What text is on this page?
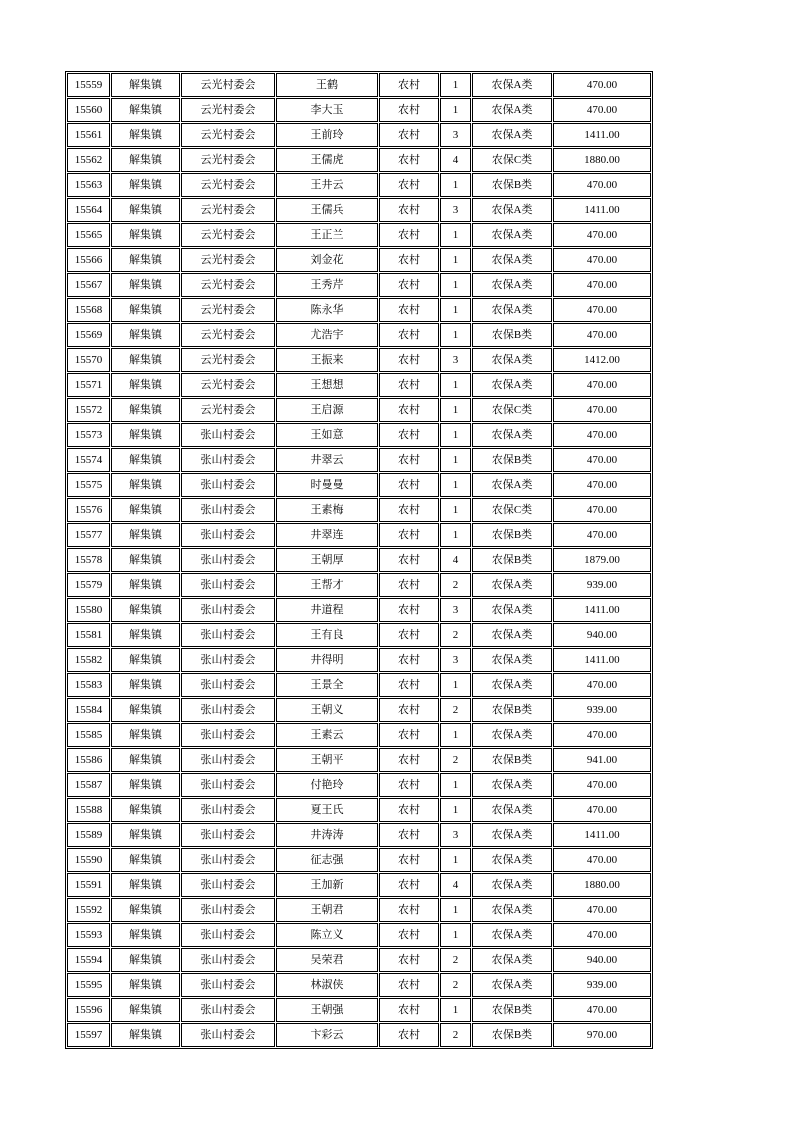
15559	解集镇	云光村委会	王鹤	农村	1	农保A类	470.00
15560	解集镇	云光村委会	李大玉	农村	1	农保A类	470.00
15561	解集镇	云光村委会	王前玲	农村	3	农保A类	1411.00
15562	解集镇	云光村委会	王儒虎	农村	4	农保C类	1880.00
15563	解集镇	云光村委会	王井云	农村	1	农保B类	470.00
15564	解集镇	云光村委会	王儒兵	农村	3	农保A类	1411.00
15565	解集镇	云光村委会	王正兰	农村	1	农保A类	470.00
15566	解集镇	云光村委会	刘金花	农村	1	农保A类	470.00
15567	解集镇	云光村委会	王秀芹	农村	1	农保A类	470.00
15568	解集镇	云光村委会	陈永华	农村	1	农保A类	470.00
15569	解集镇	云光村委会	尤浩宇	农村	1	农保B类	470.00
15570	解集镇	云光村委会	王振来	农村	3	农保A类	1412.00
15571	解集镇	云光村委会	王想想	农村	1	农保A类	470.00
15572	解集镇	云光村委会	王启源	农村	1	农保C类	470.00
15573	解集镇	张山村委会	王如意	农村	1	农保A类	470.00
15574	解集镇	张山村委会	井翠云	农村	1	农保B类	470.00
15575	解集镇	张山村委会	时曼曼	农村	1	农保A类	470.00
15576	解集镇	张山村委会	王素梅	农村	1	农保C类	470.00
15577	解集镇	张山村委会	井翠连	农村	1	农保B类	470.00
15578	解集镇	张山村委会	王朝厚	农村	4	农保B类	1879.00
15579	解集镇	张山村委会	王帮才	农村	2	农保A类	939.00
15580	解集镇	张山村委会	井道程	农村	3	农保A类	1411.00
15581	解集镇	张山村委会	王有良	农村	2	农保A类	940.00
15582	解集镇	张山村委会	井得明	农村	3	农保A类	1411.00
15583	解集镇	张山村委会	王景全	农村	1	农保A类	470.00
15584	解集镇	张山村委会	王朝义	农村	2	农保B类	939.00
15585	解集镇	张山村委会	王素云	农村	1	农保A类	470.00
15586	解集镇	张山村委会	王朝平	农村	2	农保B类	941.00
15587	解集镇	张山村委会	付艳玲	农村	1	农保A类	470.00
15588	解集镇	张山村委会	夏王氏	农村	1	农保A类	470.00
15589	解集镇	张山村委会	井涛涛	农村	3	农保A类	1411.00
15590	解集镇	张山村委会	征志强	农村	1	农保A类	470.00
15591	解集镇	张山村委会	王加新	农村	4	农保A类	1880.00
15592	解集镇	张山村委会	王朝君	农村	1	农保A类	470.00
15593	解集镇	张山村委会	陈立义	农村	1	农保A类	470.00
15594	解集镇	张山村委会	吴荣君	农村	2	农保A类	940.00
15595	解集镇	张山村委会	林淑侠	农村	2	农保A类	939.00
15596	解集镇	张山村委会	王朝强	农村	1	农保B类	470.00
15597	解集镇	张山村委会	卞彩云	农村	2	农保B类	970.00
